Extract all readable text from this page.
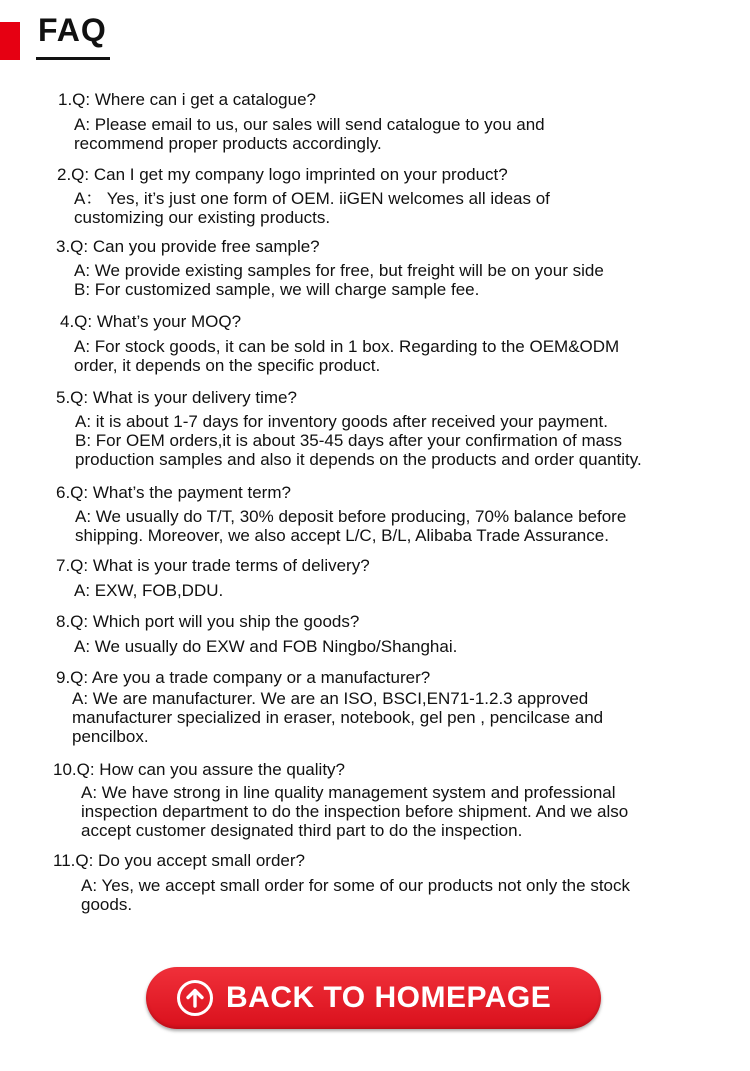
FAQ
1.Q: Where can i get a catalogue?
A: Please email to us, our sales will send catalogue to you and
recommend proper products accordingly.
2.Q: Can I get my company logo imprinted on your product?
A： Yes, it’s just one form of OEM. iiGEN welcomes all ideas of
customizing our existing products.
3.Q: Can you provide free sample?
A: We provide existing samples for free, but freight will be on your side
B: For customized sample, we will charge sample fee.
4.Q: What’s your MOQ?
A: For stock goods, it can be sold in 1 box. Regarding to the OEM&ODM
order, it depends on the specific product.
5.Q: What is your delivery time?
A: it is about 1-7 days for inventory goods after received your payment.
B: For OEM orders,it is about 35-45 days after your confirmation of mass
production samples and also it depends on the products and order quantity.
6.Q: What’s the payment term?
A: We usually do T/T, 30% deposit before producing, 70% balance before
shipping. Moreover, we also accept L/C, B/L, Alibaba Trade Assurance.
7.Q: What is your trade terms of delivery?
A: EXW, FOB,DDU.
8.Q: Which port will you ship the goods?
A: We usually do EXW and FOB Ningbo/Shanghai.
9.Q: Are you a trade company or a manufacturer?
A: We are manufacturer. We are an ISO, BSCI,EN71-1.2.3 approved
manufacturer specialized in eraser, notebook, gel pen , pencilcase and
pencilbox.
10.Q: How can you assure the quality?
A: We have strong in line quality management system and professional
inspection department to do the inspection before shipment. And we also
accept customer designated third part to do the inspection.
11.Q: Do you accept small order?
A: Yes, we accept small order for some of our products not only the stock
goods.
BACK TO HOMEPAGE
